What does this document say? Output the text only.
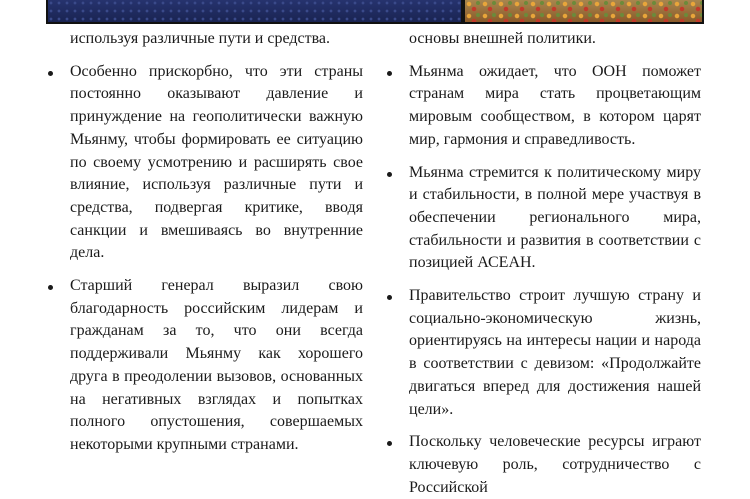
используя различные пути и средства.

Особенно прискорбно, что эти страны постоянно оказывают давление и принуждение на геополитически важную Мьянму, чтобы формировать ее ситуацию по своему усмотрению и расширять свое влияние, используя различные пути и средства, подвергая критике, вводя санкции и вмешиваясь во внутренние дела.

Старший генерал выразил свою благодарность российским лидерам и гражданам за то, что они всегда поддерживали Мьянму как хорошего друга в преодолении вызовов, основанных на негативных взглядах и попытках полного опустошения, совершаемых некоторыми крупными странами.

основы внешней политики.

Мьянма ожидает, что ООН поможет странам мира стать процветающим мировым сообществом, в котором царят мир, гармония и справедливость.

Мьянма стремится к политическому миру и стабильности, в полной мере участвуя в обеспечении регионального мира, стабильности и развития в соответствии с позицией АСЕАН.

Правительство строит лучшую страну и социально-экономическую жизнь, ориентируясь на интересы нации и народа в соответствии с девизом: «Продолжайте двигаться вперед для достижения нашей цели».

Поскольку человеческие ресурсы играют ключевую роль, сотрудничество с Российской
